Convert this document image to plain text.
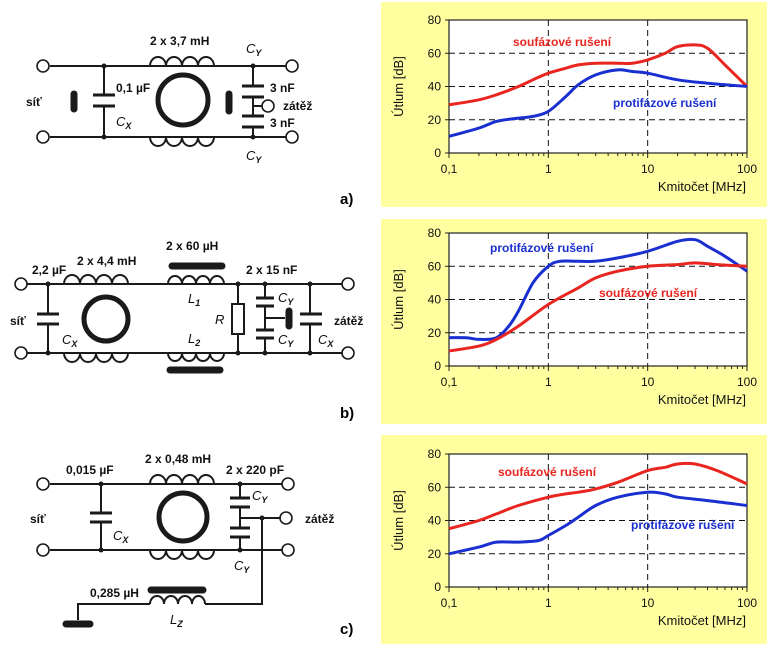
2 x 3,7 mH
0,1 µF
$C_X$
$C_Y$
$C_Y$
3 nF
3 nF
síť	zátěž
a)
2,2 µF
2 x 4,4 mH
2 x 60 µH
$L_1$
$L_2$
R
2 x 15 nF
$C_Y$
$C_Y$
$C_X$	$C_X$
síť	zátěž
b)
0,015 µF
2 x 0,48 mH
2 x 220 pF
$C_Y$
$C_Y$
$C_X$
0,285 µH
$L_Z$
síť	zátěž
c)
0,1	1	10	100
0
20
40
60
80
Kmitočet [MHz]
Útlum [dB]
soufázové rušení
protifázové rušení
0,1	1	10	100
0
20
40
60
80
Kmitočet [MHz]
Útlum [dB]
protifázové rušení
soufázové rušení
0,1	1	10	100
0
20
40
60
80
Kmitočet [MHz]
Útlum [dB]
soufázové rušení
protifázové rušení
